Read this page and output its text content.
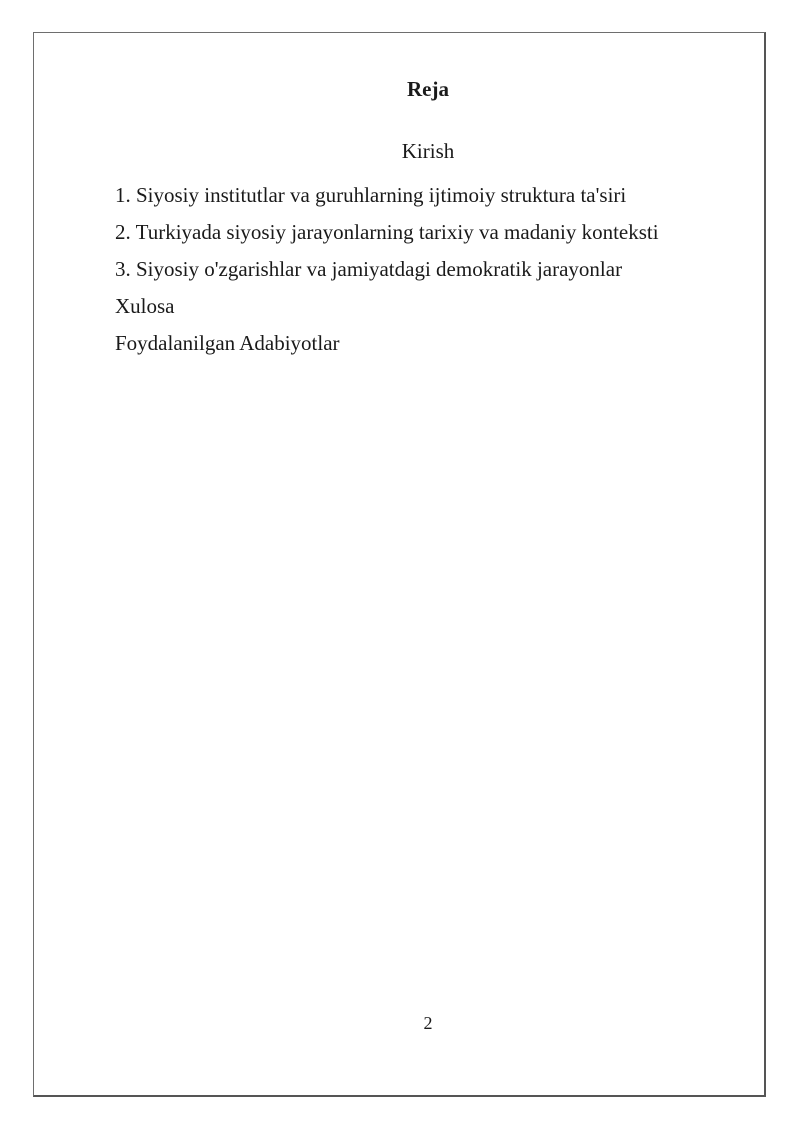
Reja

Kirish

1. Siyosiy institutlar va guruhlarning ijtimoiy struktura ta'siri
2. Turkiyada siyosiy jarayonlarning tarixiy va madaniy konteksti
3. Siyosiy o'zgarishlar va jamiyatdagi demokratik jarayonlar
Xulosa
Foydalanilgan Adabiyotlar
2
